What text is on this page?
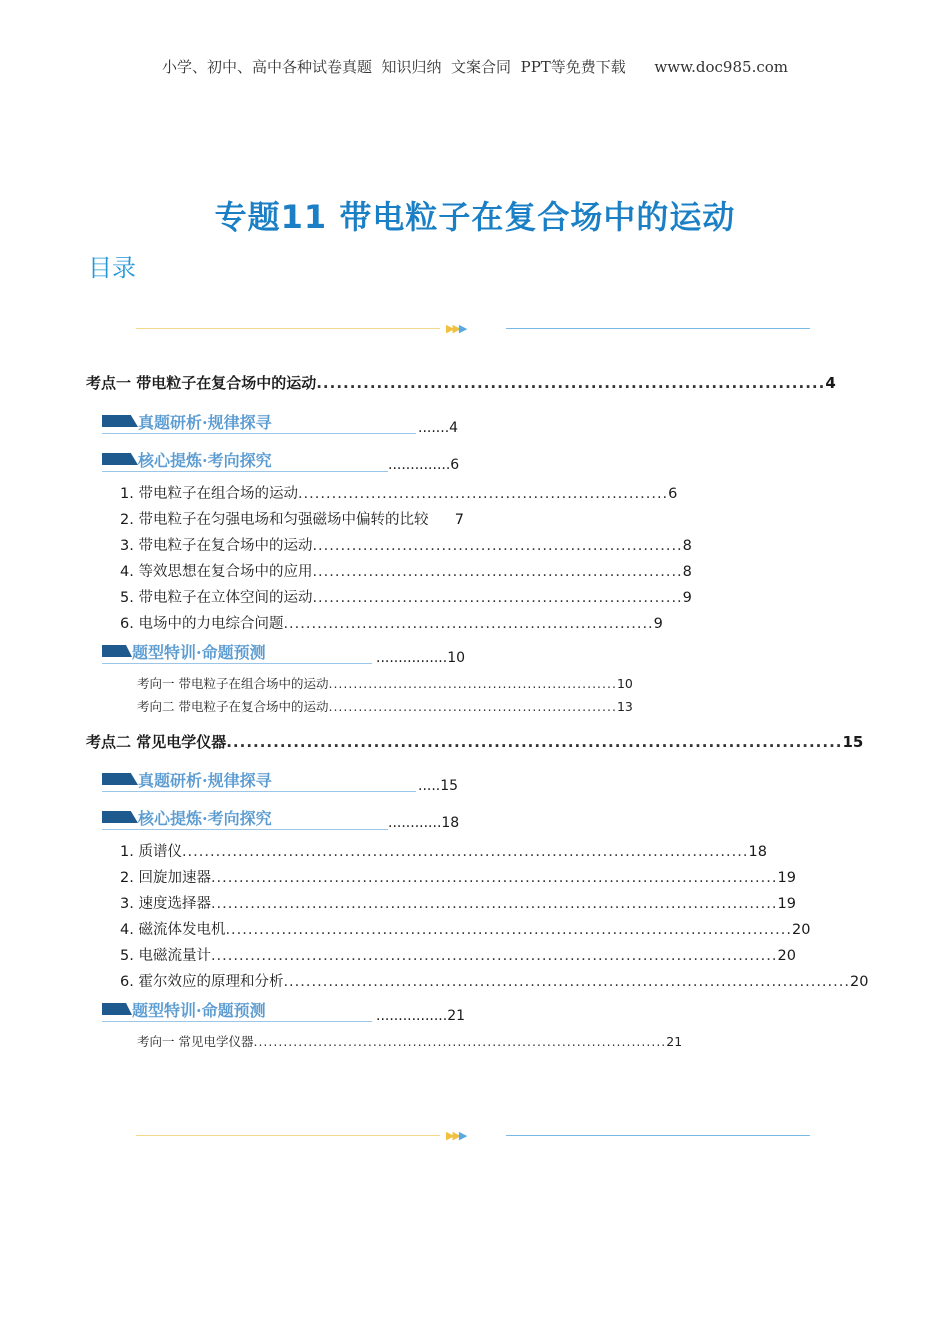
小学、初中、高中各种试卷真题  知识归纳  文案合同  PPT等免费下载      www.doc985.com
专题11 带电粒子在复合场中的运动
目录
▶▶▶
考点一 带电粒子在复合场中的运动 ............................................................................ 4
真题研析·规律探寻	.......4
核心提炼·考向探究	..............6
1. 带电粒子在组合场的运动 .................................................................. 6
2. 带电粒子在匀强电场和匀强磁场中偏转的比较 7
3. 带电粒子在复合场中的运动 .................................................................. 8
4. 等效思想在复合场中的应用 .................................................................. 8
5. 带电粒子在立体空间的运动 .................................................................. 9
6. 电场中的力电综合问题 .................................................................. 9
题型特训·命题预测	................10
考向一 带电粒子在组合场中的运动 .......................................................... 10
考向二 带电粒子在复合场中的运动 .......................................................... 13
考点二 常见电学仪器 ............................................................................................ 15
真题研析·规律探寻	.....15
核心提炼·考向探究	............18
1. 质谱仪 ..................................................................................................... 18
2. 回旋加速器 ..................................................................................................... 19
3. 速度选择器 ..................................................................................................... 19
4. 磁流体发电机 ..................................................................................................... 20
5. 电磁流量计 ..................................................................................................... 20
6. 霍尔效应的原理和分析 ..................................................................................................... 20
题型特训·命题预测	................21
考向一 常见电学仪器 ................................................................................... 21
▶▶▶
